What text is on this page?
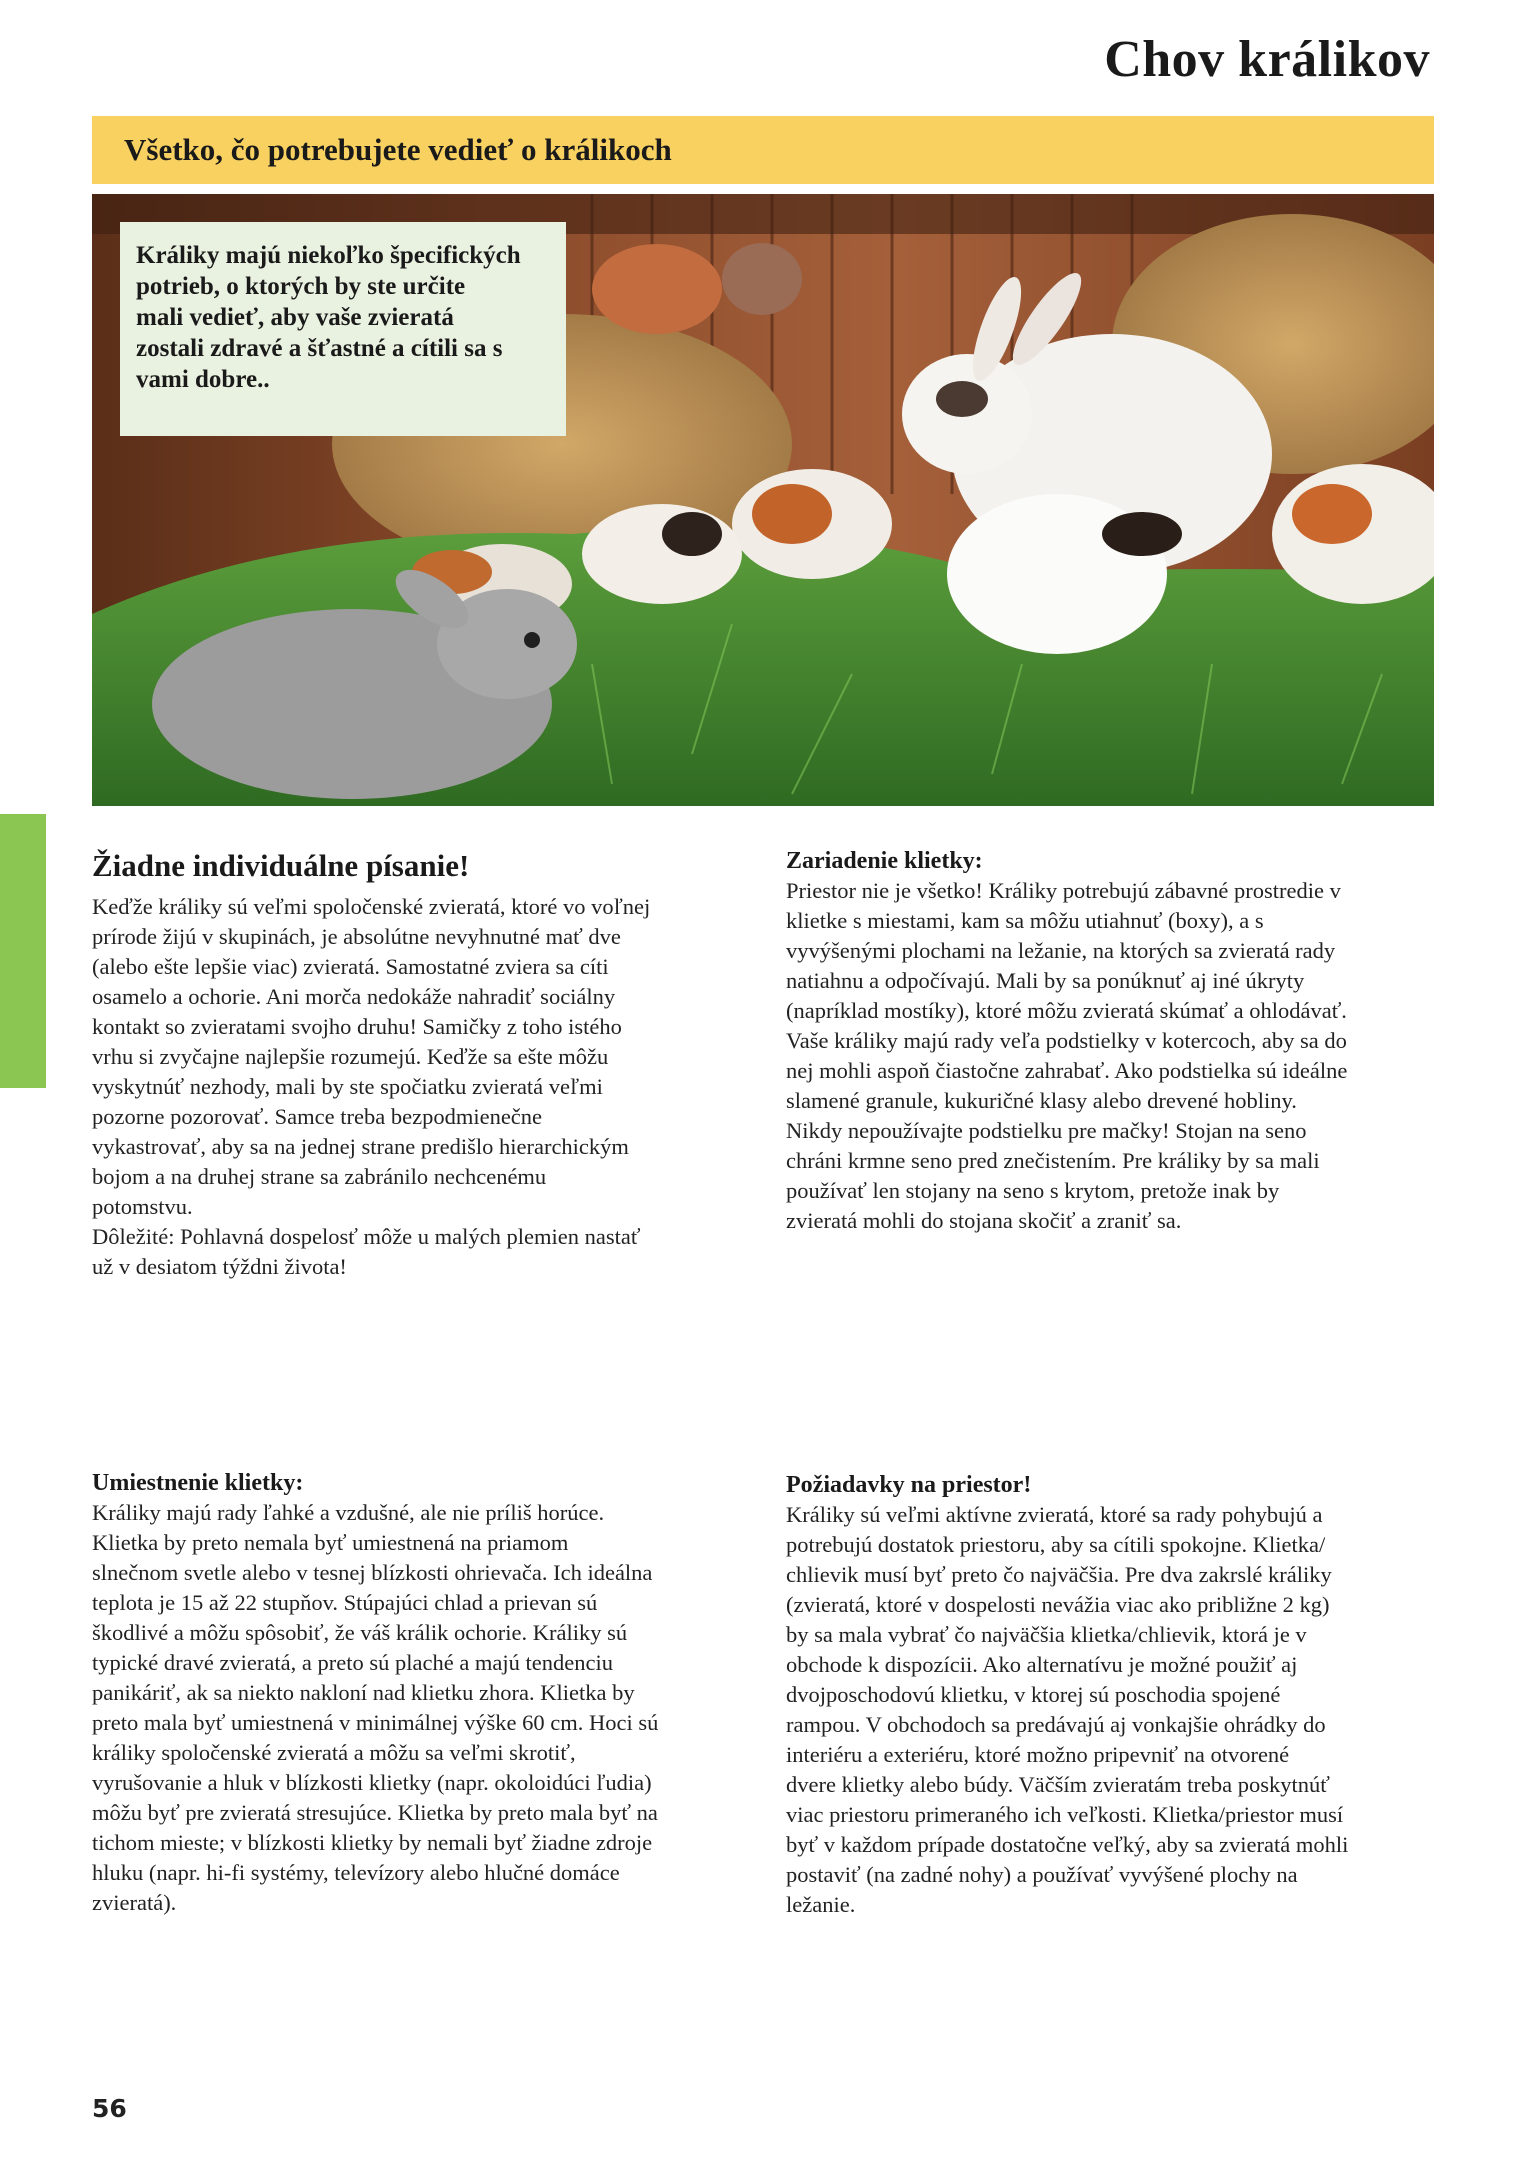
Chov králikov
Všetko, čo potrebujete vedieť o králikoch
Králiky majú niekoľko špecifických
potrieb, o ktorých by ste určite
mali vedieť, aby vaše zvieratá
zostali zdravé a šťastné a cítili sa s
vami dobre..
Žiadne individuálne písanie!
Keďže králiky sú veľmi spoločenské zvieratá, ktoré vo voľnej
prírode žijú v skupinách, je absolútne nevyhnutné mať dve
(alebo ešte lepšie viac) zvieratá. Samostatné zviera sa cíti
osamelo a ochorie. Ani morča nedokáže nahradiť sociálny
kontakt so zvieratami svojho druhu! Samičky z toho istého
vrhu si zvyčajne najlepšie rozumejú. Keďže sa ešte môžu
vyskytnúť nezhody, mali by ste spočiatku zvieratá veľmi
pozorne pozorovať. Samce treba bezpodmienečne
vykastrovať, aby sa na jednej strane predišlo hierarchickým
bojom a na druhej strane sa zabránilo nechcenému
potomstvu.
Dôležité: Pohlavná dospelosť môže u malých plemien nastať
už v desiatom týždni života!
Zariadenie klietky:
Priestor nie je všetko! Králiky potrebujú zábavné prostredie v
klietke s miestami, kam sa môžu utiahnuť (boxy), a s
vyvýšenými plochami na ležanie, na ktorých sa zvieratá rady
natiahnu a odpočívajú. Mali by sa ponúknuť aj iné úkryty
(napríklad mostíky), ktoré môžu zvieratá skúmať a ohlodávať.
Vaše králiky majú rady veľa podstielky v kotercoch, aby sa do
nej mohli aspoň čiastočne zahrabať. Ako podstielka sú ideálne
slamené granule, kukuričné klasy alebo drevené hobliny.
Nikdy nepoužívajte podstielku pre mačky! Stojan na seno
chráni krmne seno pred znečistením. Pre králiky by sa mali
používať len stojany na seno s krytom, pretože inak by
zvieratá mohli do stojana skočiť a zraniť sa.
Umiestnenie klietky:
Králiky majú rady ľahké a vzdušné, ale nie príliš horúce.
Klietka by preto nemala byť umiestnená na priamom
slnečnom svetle alebo v tesnej blízkosti ohrievača. Ich ideálna
teplota je 15 až 22 stupňov. Stúpajúci chlad a prievan sú
škodlivé a môžu spôsobiť, že váš králik ochorie. Králiky sú
typické dravé zvieratá, a preto sú plaché a majú tendenciu
panikáriť, ak sa niekto nakloní nad klietku zhora. Klietka by
preto mala byť umiestnená v minimálnej výške 60 cm. Hoci sú
králiky spoločenské zvieratá a môžu sa veľmi skrotiť,
vyrušovanie a hluk v blízkosti klietky (napr. okoloidúci ľudia)
môžu byť pre zvieratá stresujúce. Klietka by preto mala byť na
tichom mieste; v blízkosti klietky by nemali byť žiadne zdroje
hluku (napr. hi-fi systémy, televízory alebo hlučné domáce
zvieratá).
Požiadavky na priestor!
Králiky sú veľmi aktívne zvieratá, ktoré sa rady pohybujú a
potrebujú dostatok priestoru, aby sa cítili spokojne. Klietka/
chlievik musí byť preto čo najväčšia. Pre dva zakrslé králiky
(zvieratá, ktoré v dospelosti nevážia viac ako približne 2 kg)
by sa mala vybrať čo najväčšia klietka/chlievik, ktorá je v
obchode k dispozícii. Ako alternatívu je možné použiť aj
dvojposchodovú klietku, v ktorej sú poschodia spojené
rampou. V obchodoch sa predávajú aj vonkajšie ohrádky do
interiéru a exteriéru, ktoré možno pripevniť na otvorené
dvere klietky alebo búdy. Väčším zvieratám treba poskytnúť
viac priestoru primeraného ich veľkosti. Klietka/priestor musí
byť v každom prípade dostatočne veľký, aby sa zvieratá mohli
postaviť (na zadné nohy) a používať vyvýšené plochy na
ležanie.
56
